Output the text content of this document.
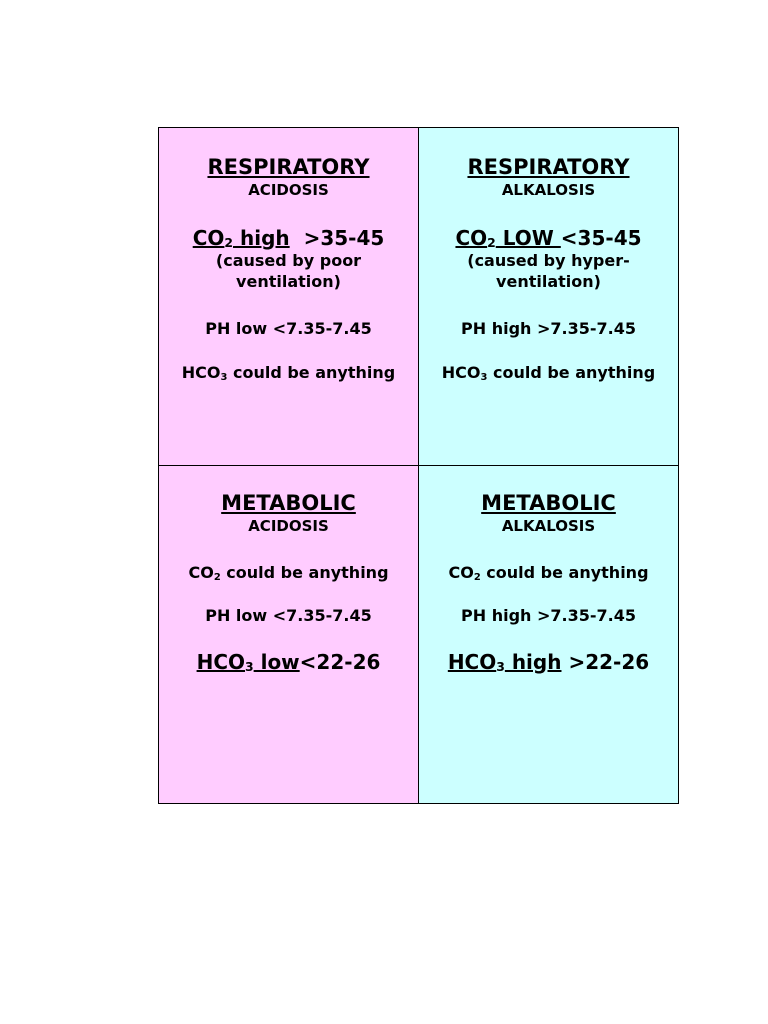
RESPIRATORY

ACIDOSIS

$CO_2$ high  >35-45

(caused by poor

ventilation)

PH low <7.35-7.45

$HCO_3$ could be anything

RESPIRATORY

ALKALOSIS

$CO_2$ LOW <35-45

(caused by hyper-

ventilation)

PH high >7.35-7.45

$HCO_3$ could be anything

METABOLIC

ACIDOSIS

$CO_2$ could be anything

PH low <7.35-7.45

$HCO_3$ low<22-26

METABOLIC

ALKALOSIS

$CO_2$ could be anything

PH high >7.35-7.45

$HCO_3$ high >22-26
